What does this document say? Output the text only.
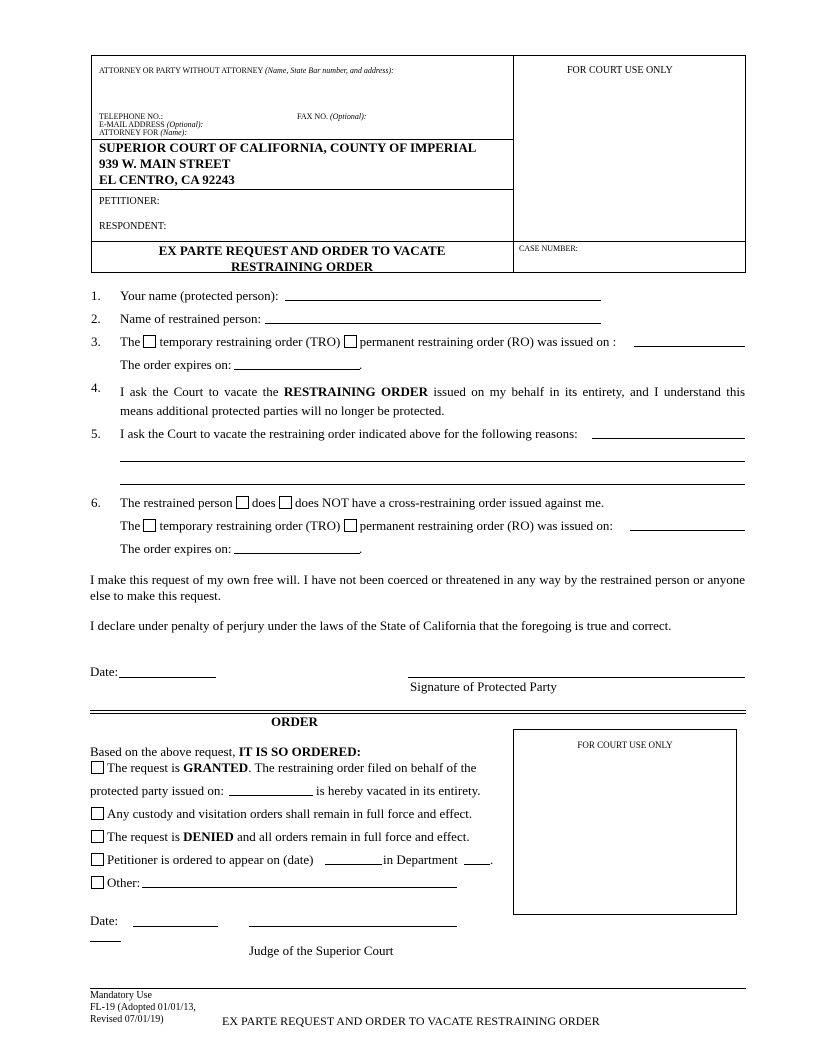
ATTORNEY OR PARTY WITHOUT ATTORNEY (Name, State Bar number, and address):	FOR COURT USE ONLY
TELEPHONE NO.:	FAX NO. (Optional):
E-MAIL ADDRESS (Optional):
ATTORNEY FOR (Name):
SUPERIOR COURT OF CALIFORNIA, COUNTY OF IMPERIAL
939 W. MAIN STREET
EL CENTRO, CA 92243
PETITIONER:
RESPONDENT:
EX PARTE REQUEST AND ORDER TO VACATE
RESTRAINING ORDER
CASE NUMBER:
1. Your name (protected person):
2. Name of restrained person:
3. The temporary restraining order (TRO) permanent restraining order (RO) was issued on :
The order expires on:	.
4. I ask the Court to vacate the RESTRAINING ORDER issued on my behalf in its entirety, and I understand this
means additional protected parties will no longer be protected.
5. I ask the Court to vacate the restraining order indicated above for the following reasons:
6. The restrained person does does NOT have a cross-restraining order issued against me.
The temporary restraining order (TRO) permanent restraining order (RO) was issued on:
The order expires on:	.
I make this request of my own free will. I have not been coerced or threatened in any way by the restrained person or anyone else to make this request.
I declare under penalty of perjury under the laws of the State of California that the foregoing is true and correct.
Date:
Signature of Protected Party
ORDER
FOR COURT USE ONLY
Based on the above request, IT IS SO ORDERED:
The request is GRANTED. The restraining order filed on behalf of the
protected party issued on:	is hereby vacated in its entirety.
Any custody and visitation orders shall remain in full force and effect.
The request is DENIED and all orders remain in full force and effect.
Petitioner is ordered to appear on (date)	in Department .
Other:
Date:
Judge of the Superior Court
Mandatory Use
FL-19 (Adopted 01/01/13,
Revised 07/01/19)	EX PARTE REQUEST AND ORDER TO VACATE RESTRAINING ORDER
